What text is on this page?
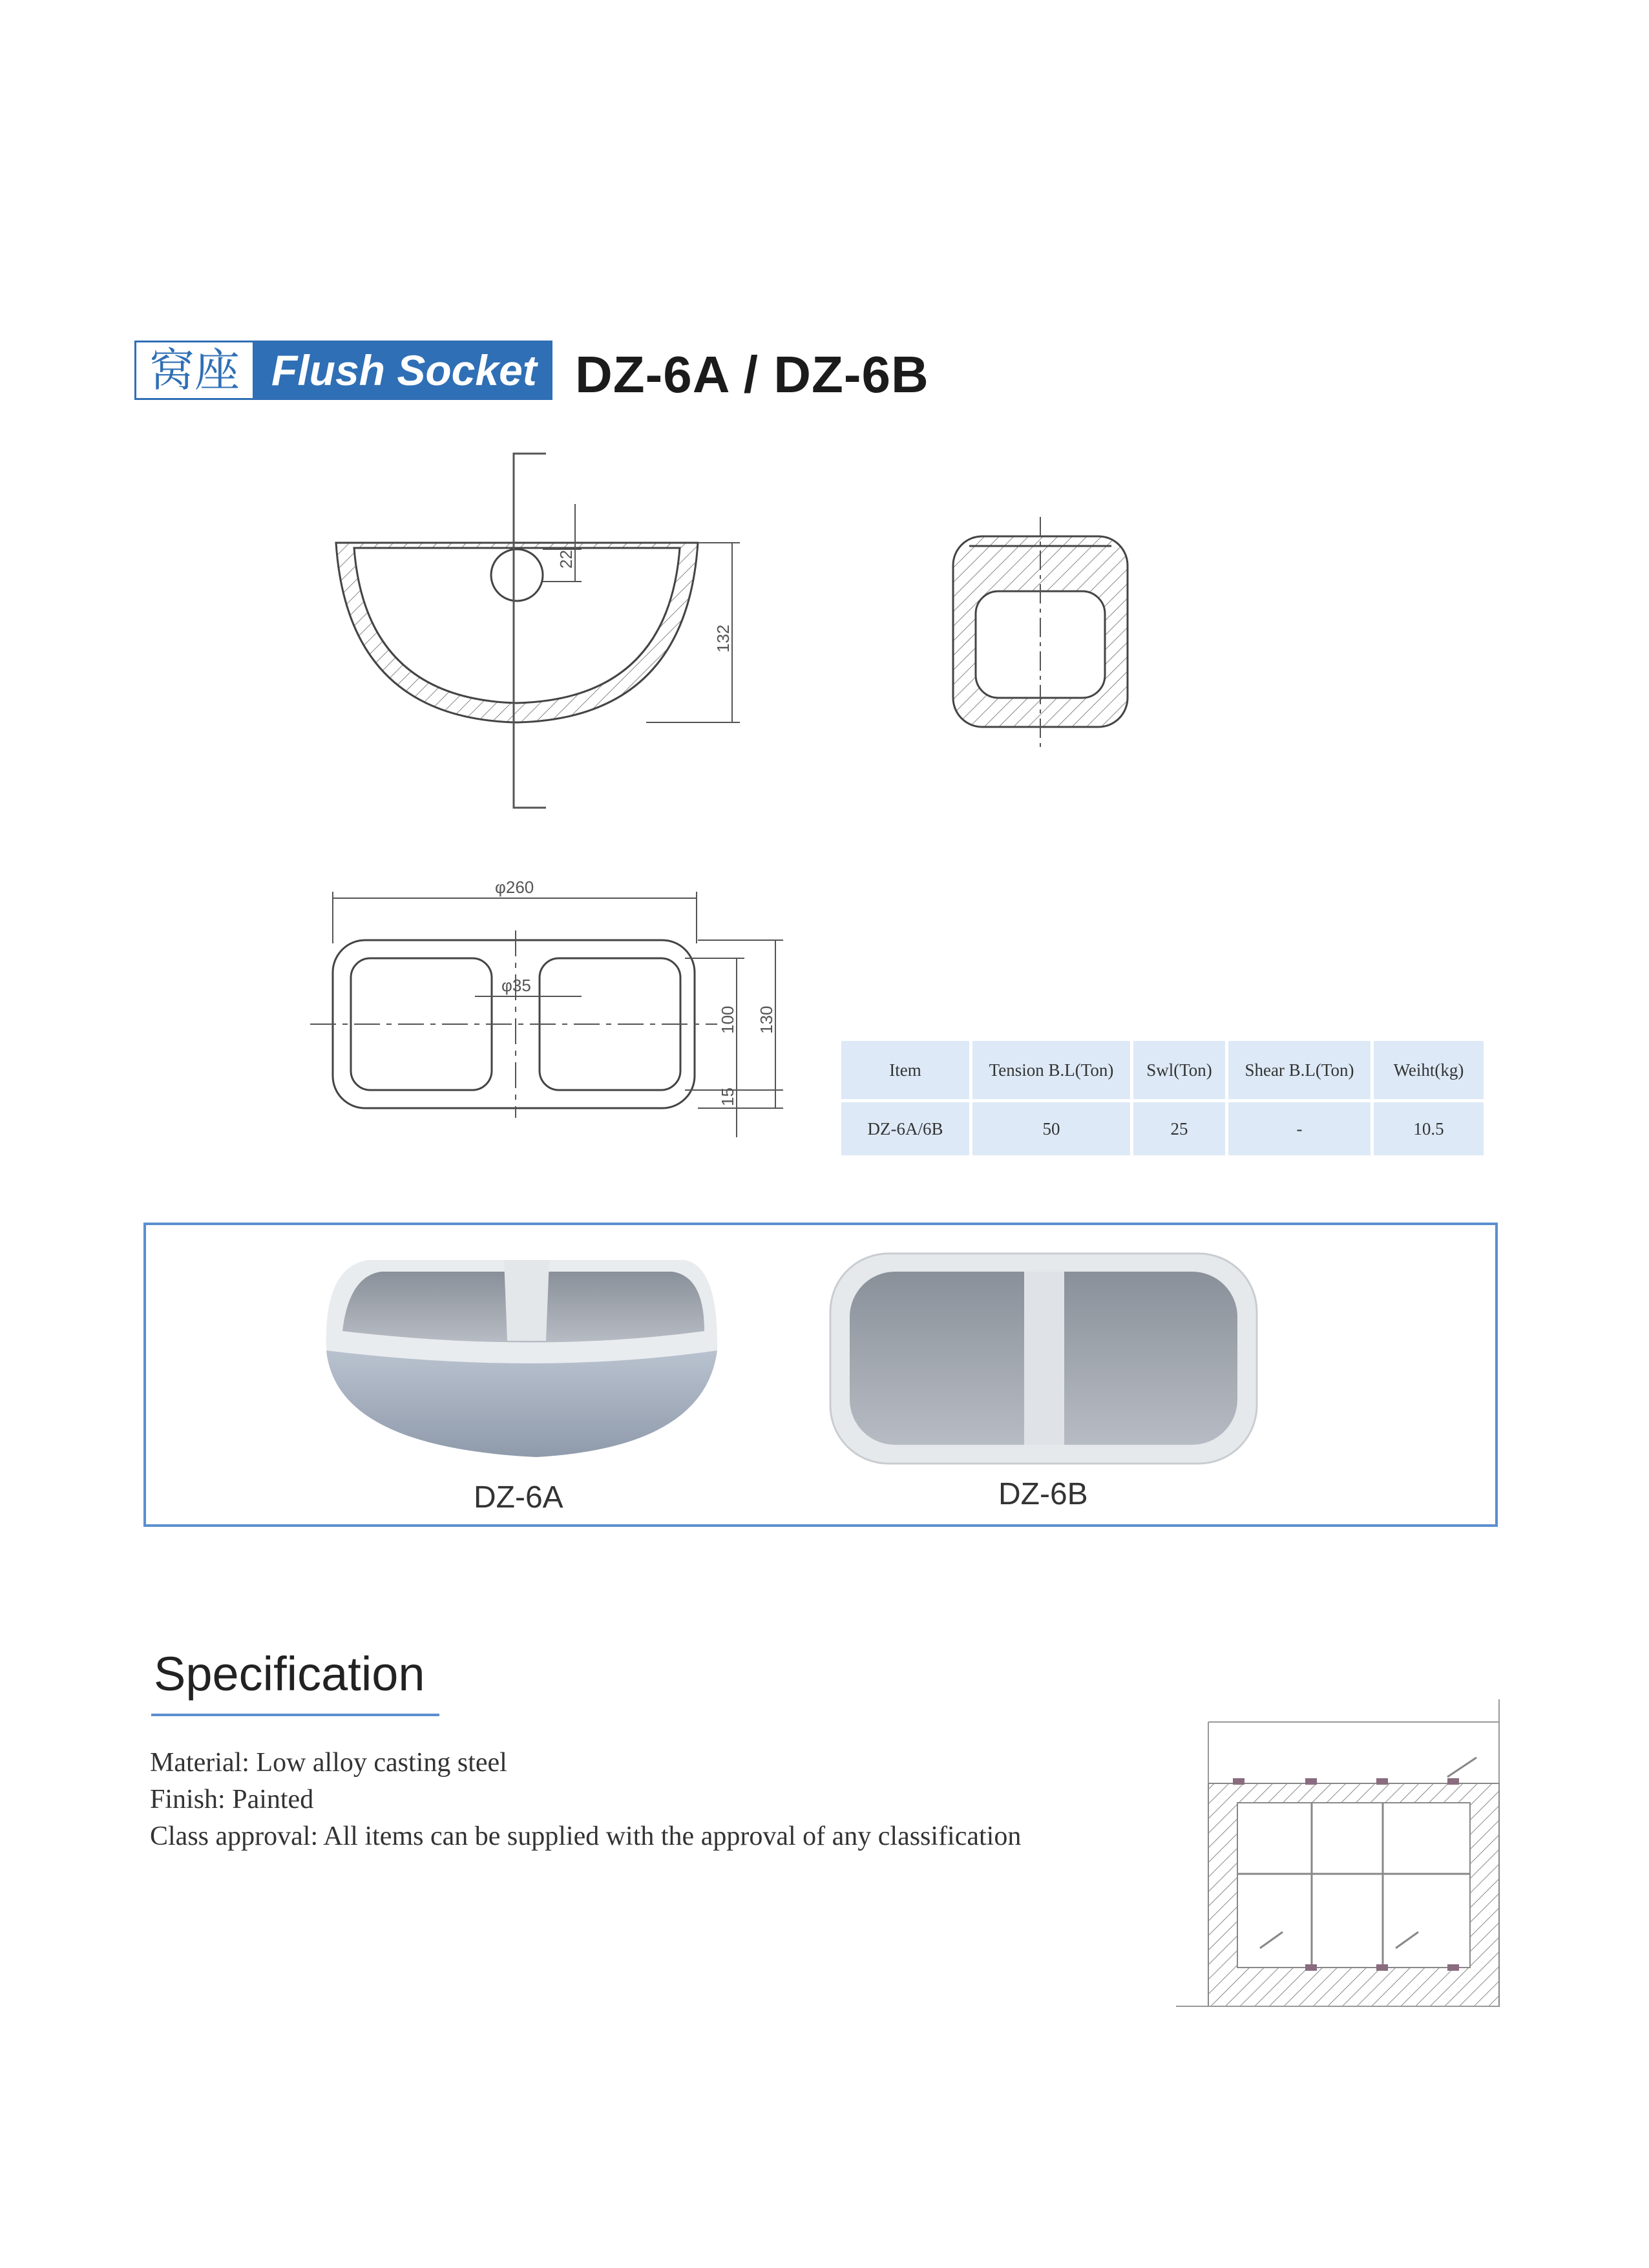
窝座 Flush Socket DZ-6A / DZ-6B
22
132
φ260
φ35
100 130
15
Item	Tension B.L(Ton)	Swl(Ton)	Shear B.L(Ton)	Weiht(kg)
DZ-6A/6B	50	25	-	10.5
DZ-6A	DZ-6B
Specification
Material: Low alloy casting steel
Finish: Painted
Class approval: All items can be supplied with the approval of any classification
